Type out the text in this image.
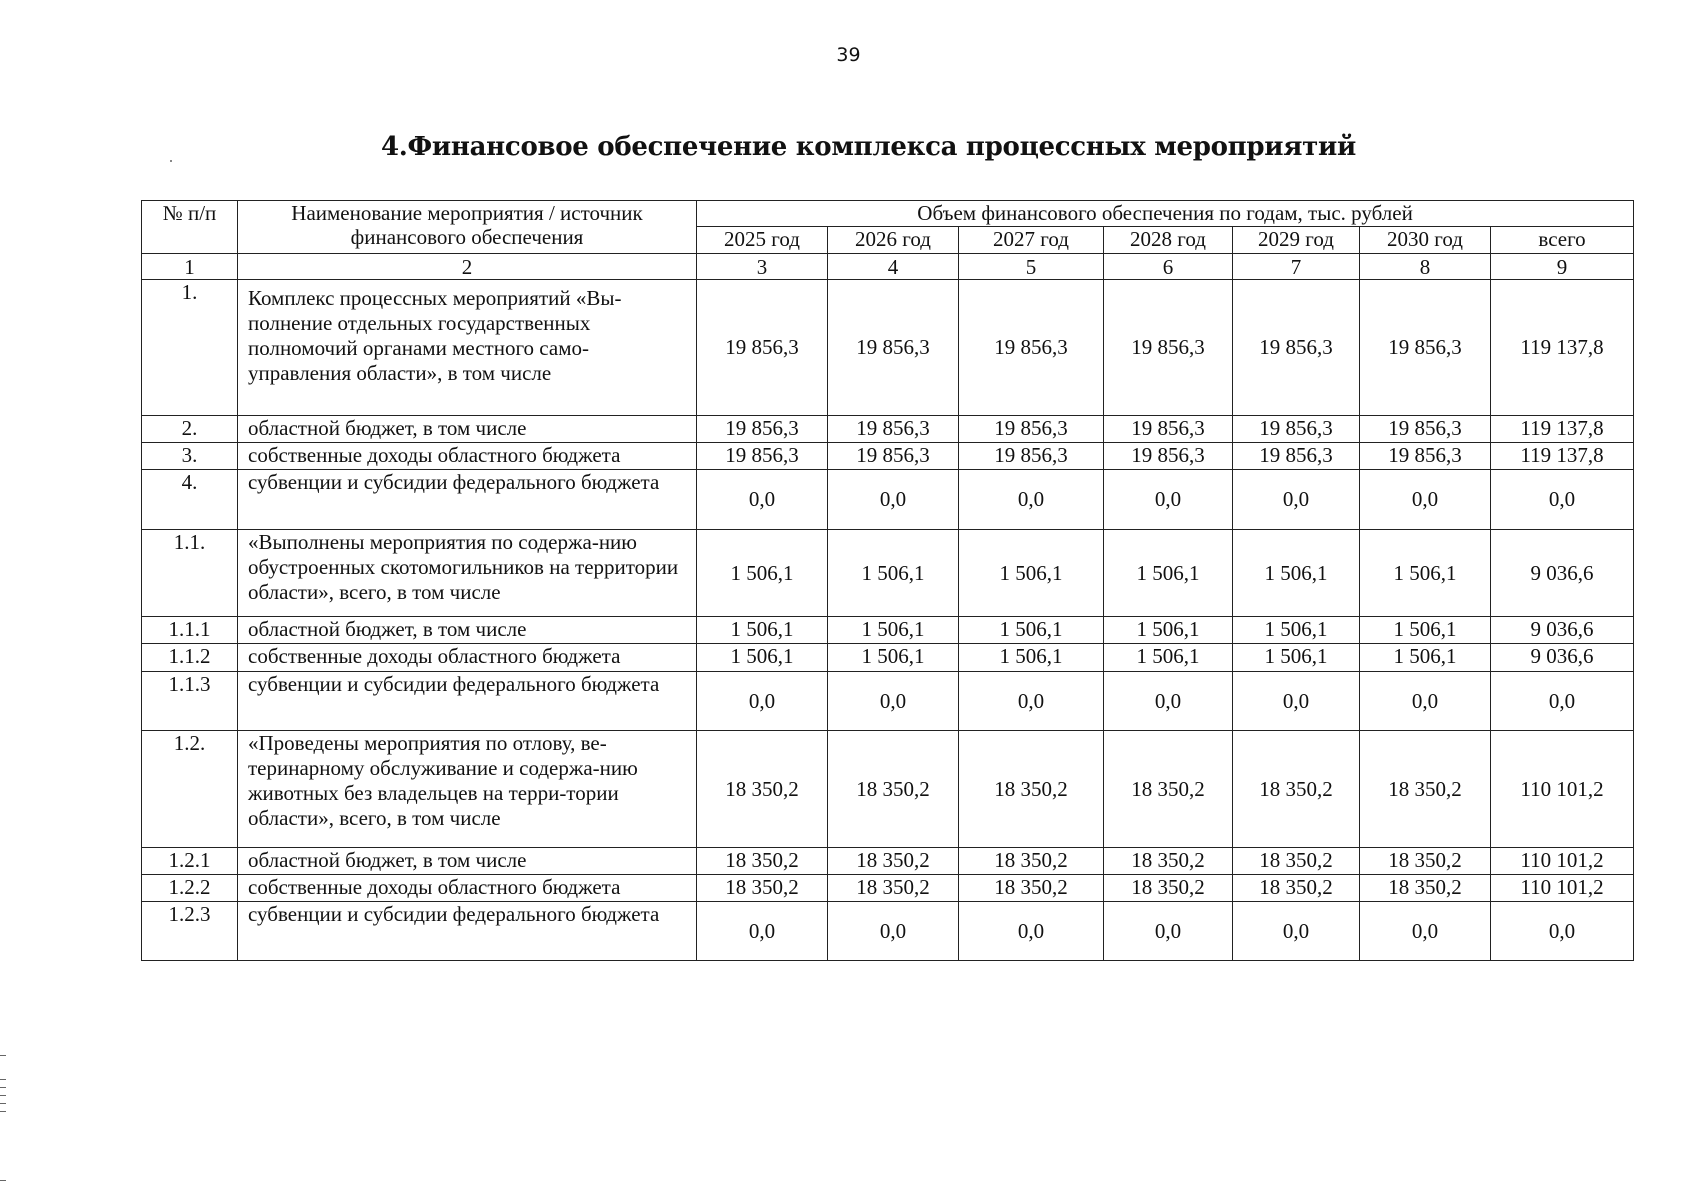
39
4.Финансовое обеспечение комплекса процессных мероприятий
№ п/п	Наименование мероприятия / источник финансового обеспечения	Объем финансового обеспечения по годам, тыс. рублей						
		2025 год	2026 год	2027 год	2028 год	2029 год	2030 год	всего
1	2	3	4	5	6	7	8	9
1.	Комплекс процессных мероприятий «Вы-полнение отдельных государственных полномочий органами местного само-управления области», в том числе	19 856,3	19 856,3	19 856,3	19 856,3	19 856,3	19 856,3	119 137,8
2.	областной бюджет, в том числе	19 856,3	19 856,3	19 856,3	19 856,3	19 856,3	19 856,3	119 137,8
3.	собственные доходы областного бюджета	19 856,3	19 856,3	19 856,3	19 856,3	19 856,3	19 856,3	119 137,8
4.	субвенции и субсидии федерального бюджета	0,0	0,0	0,0	0,0	0,0	0,0	0,0
1.1.	«Выполнены мероприятия по содержа-нию обустроенных скотомогильников на территории области», всего, в том числе	1 506,1	1 506,1	1 506,1	1 506,1	1 506,1	1 506,1	9 036,6
1.1.1	областной бюджет, в том числе	1 506,1	1 506,1	1 506,1	1 506,1	1 506,1	1 506,1	9 036,6
1.1.2	собственные доходы областного бюджета	1 506,1	1 506,1	1 506,1	1 506,1	1 506,1	1 506,1	9 036,6
1.1.3	субвенции и субсидии федерального бюджета	0,0	0,0	0,0	0,0	0,0	0,0	0,0
1.2.	«Проведены мероприятия по отлову, ве-теринарному обслуживание и содержа-нию животных без владельцев на терри-тории области», всего, в том числе	18 350,2	18 350,2	18 350,2	18 350,2	18 350,2	18 350,2	110 101,2
1.2.1	областной бюджет, в том числе	18 350,2	18 350,2	18 350,2	18 350,2	18 350,2	18 350,2	110 101,2
1.2.2	собственные доходы областного бюджета	18 350,2	18 350,2	18 350,2	18 350,2	18 350,2	18 350,2	110 101,2
1.2.3	субвенции и субсидии федерального бюджета	0,0	0,0	0,0	0,0	0,0	0,0	0,0
